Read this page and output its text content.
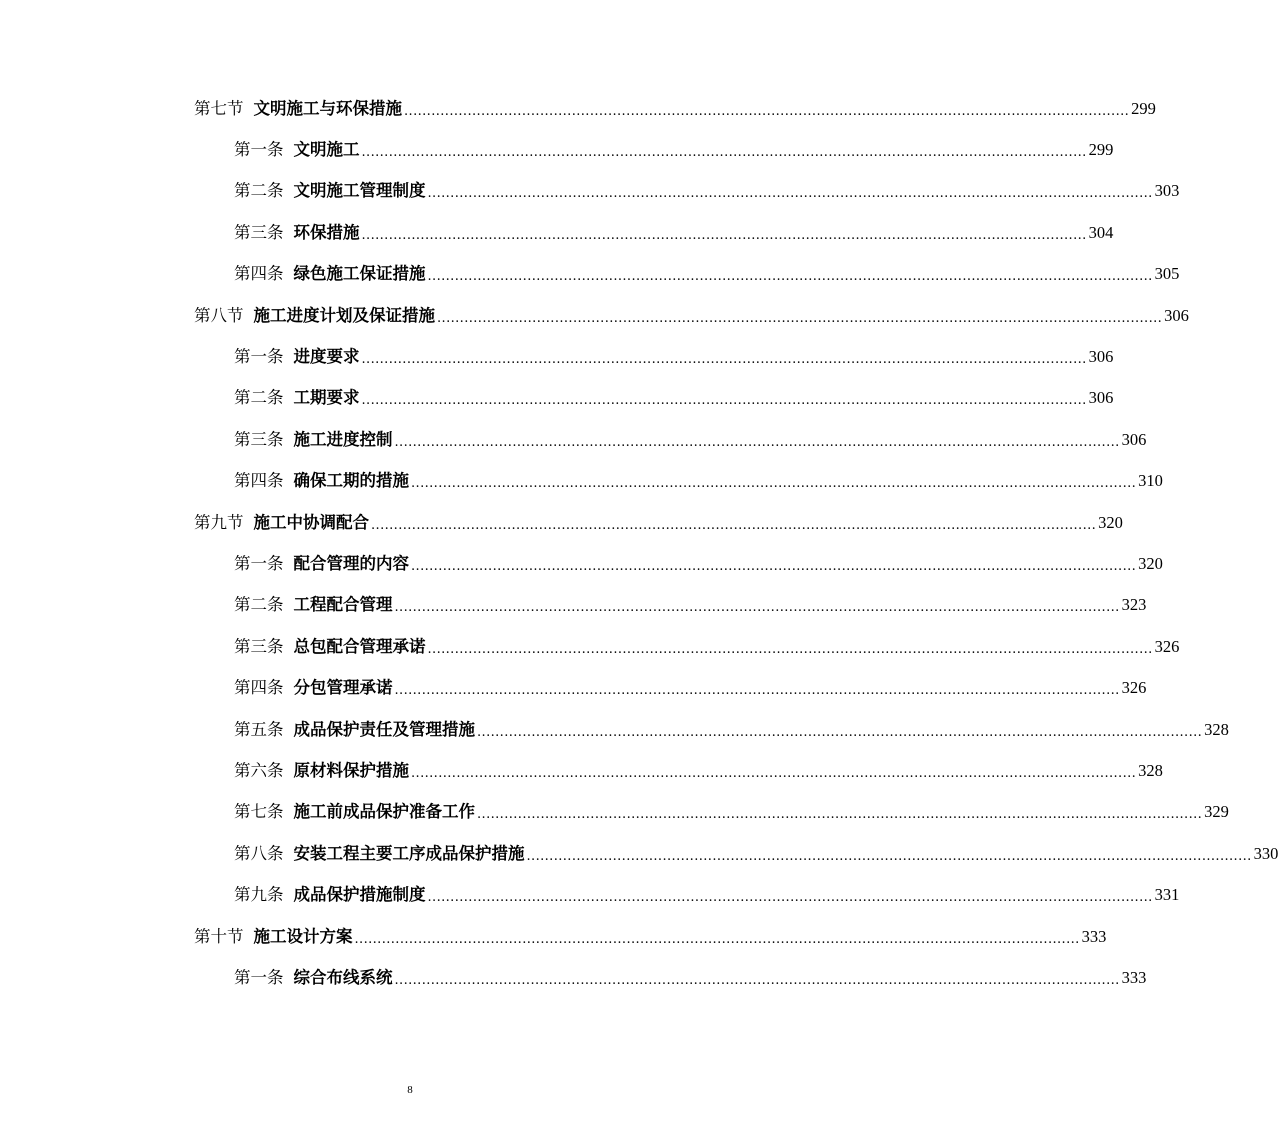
第七节 文明施工与环保措施 ................................................................................................................................................................ 299
第一条 文明施工 ................................................................................................................................................................ 299
第二条 文明施工管理制度 ................................................................................................................................................................ 303
第三条 环保措施 ................................................................................................................................................................ 304
第四条 绿色施工保证措施 ................................................................................................................................................................ 305
第八节 施工进度计划及保证措施 ................................................................................................................................................................ 306
第一条 进度要求 ................................................................................................................................................................ 306
第二条 工期要求 ................................................................................................................................................................ 306
第三条 施工进度控制 ................................................................................................................................................................ 306
第四条 确保工期的措施 ................................................................................................................................................................ 310
第九节 施工中协调配合 ................................................................................................................................................................ 320
第一条 配合管理的内容 ................................................................................................................................................................ 320
第二条 工程配合管理 ................................................................................................................................................................ 323
第三条 总包配合管理承诺 ................................................................................................................................................................ 326
第四条 分包管理承诺 ................................................................................................................................................................ 326
第五条 成品保护责任及管理措施 ................................................................................................................................................................ 328
第六条 原材料保护措施 ................................................................................................................................................................ 328
第七条 施工前成品保护准备工作 ................................................................................................................................................................ 329
第八条 安装工程主要工序成品保护措施 ................................................................................................................................................................ 330
第九条 成品保护措施制度 ................................................................................................................................................................ 331
第十节 施工设计方案 ................................................................................................................................................................ 333
第一条 综合布线系统 ................................................................................................................................................................ 333
8
